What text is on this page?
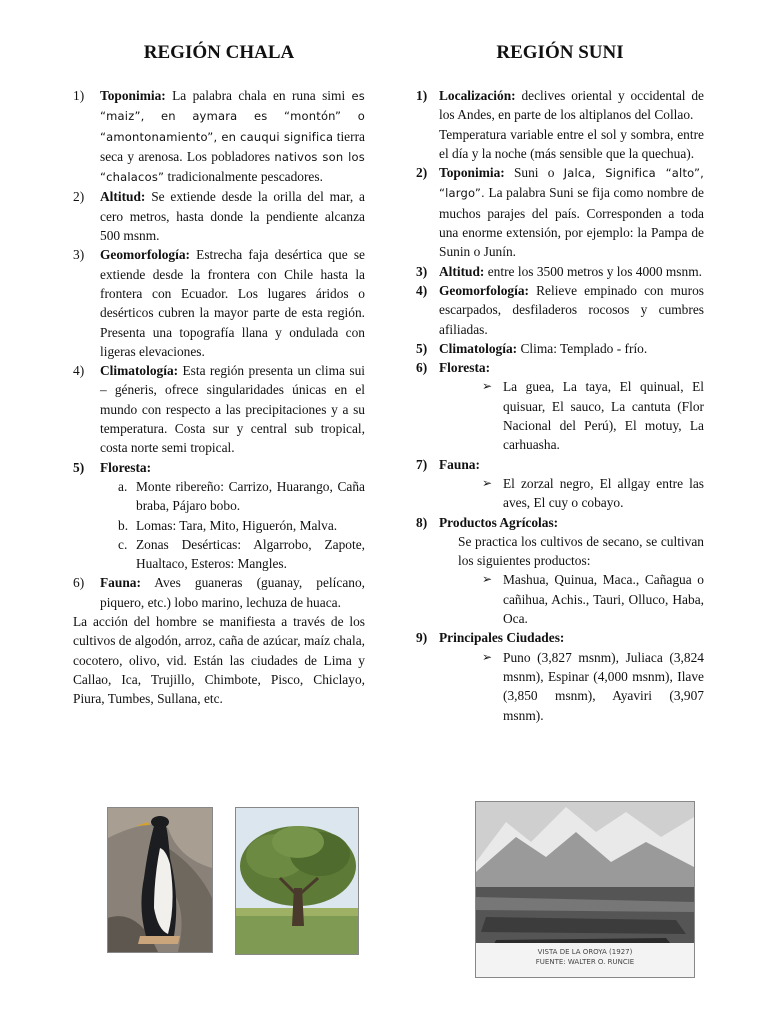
REGIÓN CHALA
1) Toponimia: La palabra chala en runa simi es “maiz”, en aymara es “montón” o “amontonamiento”, en cauqui significa tierra seca y arenosa. Los pobladores nativos son los “chalacos” tradicionalmente pescadores.
2) Altitud: Se extiende desde la orilla del mar, a cero metros, hasta donde la pendiente alcanza 500 msnm.
3) Geomorfología: Estrecha faja desértica que se extiende desde la frontera con Chile hasta la frontera con Ecuador. Los lugares áridos o desérticos cubren la mayor parte de esta región. Presenta una topografía llana y ondulada con ligeras elevaciones.
4) Climatología: Esta región presenta un clima sui – géneris, ofrece singularidades únicas en el mundo con respecto a las precipitaciones y a su temperatura. Costa sur y central sub tropical, costa norte semi tropical.
5) Floresta:
a. Monte ribereño: Carrizo, Huarango, Caña braba, Pájaro bobo.
b. Lomas: Tara, Mito, Higuerón, Malva.
c. Zonas Desérticas: Algarrobo, Zapote, Hualtaco, Esteros: Mangles.
6) Fauna: Aves guaneras (guanay, pelícano, piquero, etc.) lobo marino, lechuza de huaca.
La acción del hombre se manifiesta a través de los cultivos de algodón, arroz, caña de azúcar, maíz chala, cocotero, olivo, vid. Están las ciudades de Lima y Callao, Ica, Trujillo, Chimbote, Pisco, Chiclayo, Piura, Tumbes, Sullana, etc.
REGIÓN SUNI
1) Localización: declives oriental y occidental de los Andes, en parte de los altiplanos del Collao.
Temperatura variable entre el sol y sombra, entre el día y la noche (más sensible que la quechua).
2) Toponimia: Suni o Jalca, Significa “alto”, “largo”. La palabra Suni se fija como nombre de muchos parajes del país. Corresponden a toda una enorme extensión, por ejemplo: la Pampa de Sunin o Junín.
3) Altitud: entre los 3500 metros y los 4000 msnm.
4) Geomorfología: Relieve empinado con muros escarpados, desfiladeros rocosos y cumbres afiliadas.
5) Climatología: Clima: Templado - frío.
6) Floresta:
➢ La guea, La taya, El quinual, El quisuar, El sauco, La cantuta (Flor Nacional del Perú), El motuy, La carhuasha.
7) Fauna:
➢ El zorzal negro, El allgay entre las aves, El cuy o cobayo.
8) Productos Agrícolas:
Se practica los cultivos de secano, se cultivan los siguientes productos:
➢ Mashua, Quinua, Maca., Cañagua o cañihua, Achis., Tauri, Olluco, Haba, Oca.
9) Principales Ciudades:
➢ Puno (3,827 msnm), Juliaca (3,824 msnm), Espinar (4,000 msnm), Ilave (3,850 msnm), Ayaviri (3,907 msnm).
VISTA DE LA OROYA (1927)
FUENTE: WALTER O. RUNCIE
